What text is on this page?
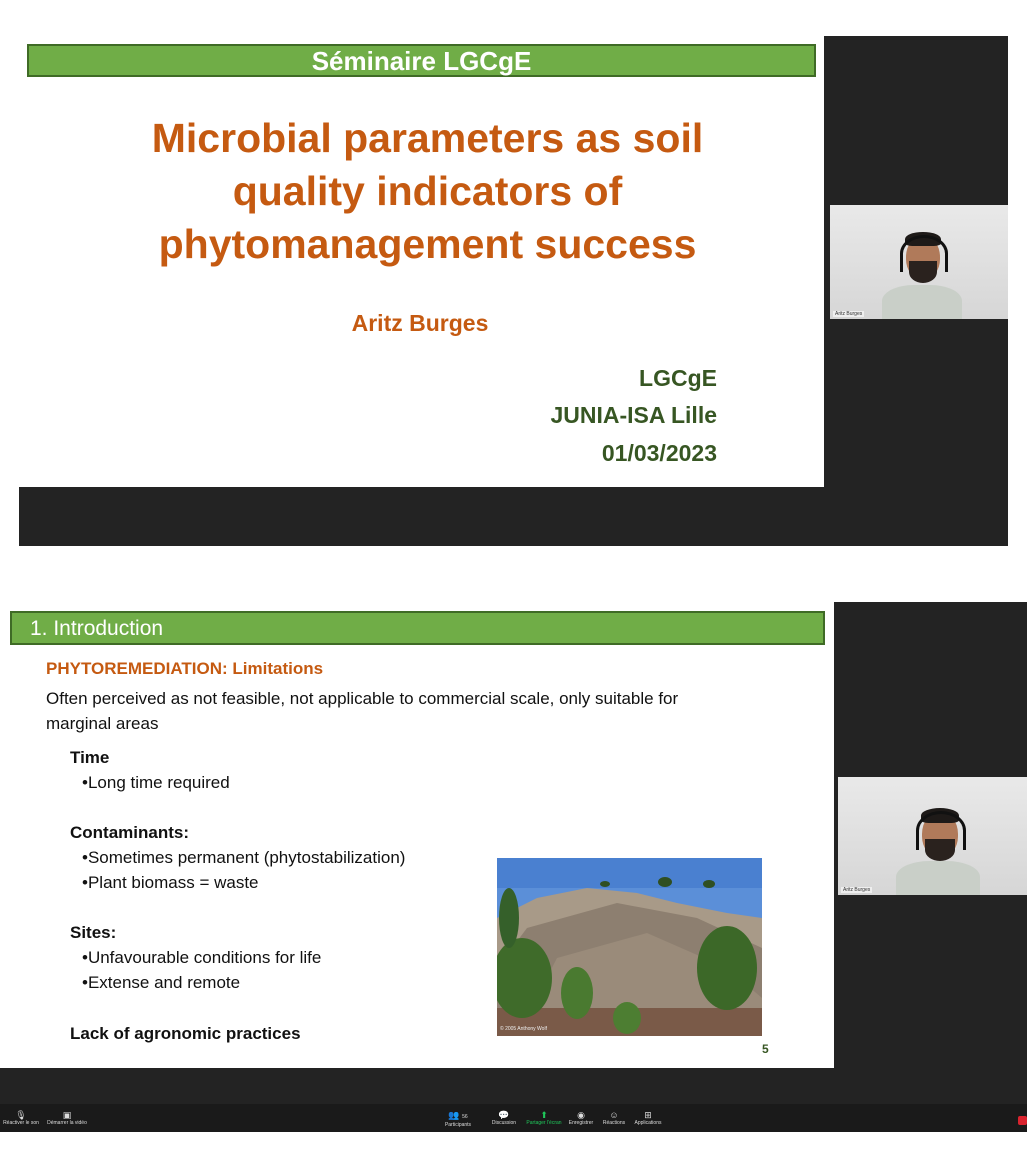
Séminaire LGCgE
Microbial parameters as soil quality indicators of phytomanagement success
Aritz Burges
LGCgE
JUNIA-ISA Lille
01/03/2023
Aritz Burges
1. Introduction
PHYTOREMEDIATION: Limitations
Often perceived as not feasible, not applicable to commercial scale, only suitable for marginal areas
Time
•Long time required
Contaminants:
•Sometimes permanent (phytostabilization)
•Plant biomass = waste
Sites:
•Unfavourable conditions for life
•Extense and remote
Lack of agronomic practices	© 2005 Anthony Wolf
5
Aritz Burges
🎙
Réactiver le son
▣
Démarrer la vidéo
👥 56
Participants
💬
Discussion
⬆
Partager l'écran
◉
Enregistrer
☺
Réactions
⊞
Applications
